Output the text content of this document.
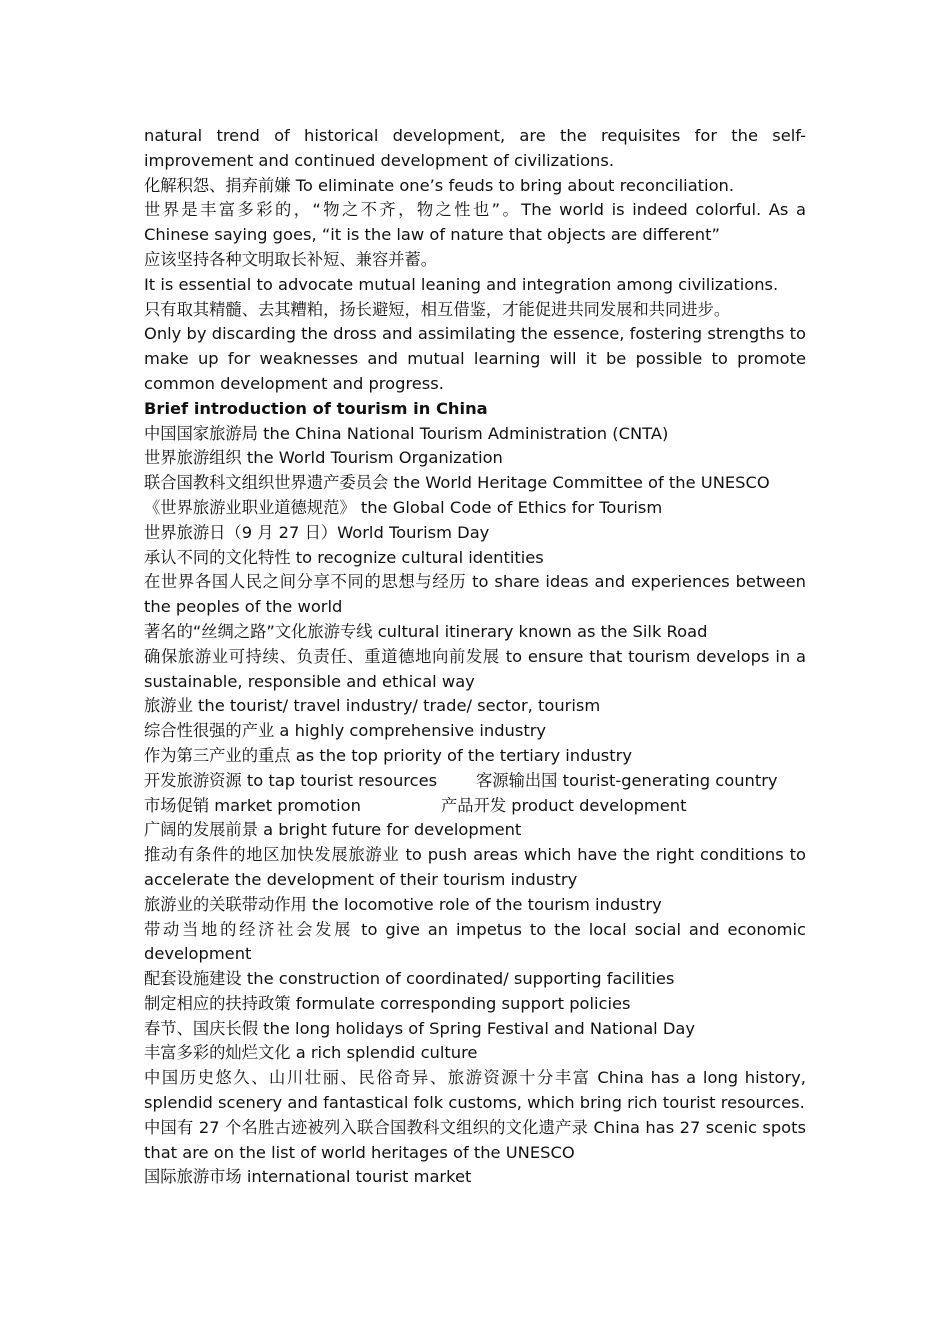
natural trend of historical development, are the requisites for the self-improvement and continued development of civilizations.

化解积怨、捐弃前嫌 To eliminate one’s feuds to bring about reconciliation.

世界是丰富多彩的，“物之不齐，物之性也”。The world is indeed colorful. As a Chinese saying goes, “it is the law of nature that objects are different”

应该坚持各种文明取长补短、兼容并蓄。

It is essential to advocate mutual leaning and integration among civilizations.

只有取其精髓、去其糟粕，扬长避短，相互借鉴，才能促进共同发展和共同进步。

Only by discarding the dross and assimilating the essence, fostering strengths to make up for weaknesses and mutual learning will it be possible to promote common development and progress.

Brief introduction of tourism in China

中国国家旅游局 the China National Tourism Administration (CNTA)

世界旅游组织 the World Tourism Organization

联合国教科文组织世界遗产委员会 the World Heritage Committee of the UNESCO

《世界旅游业职业道德规范》 the Global Code of Ethics for Tourism

世界旅游日（9 月 27 日）World Tourism Day

承认不同的文化特性 to recognize cultural identities

在世界各国人民之间分享不同的思想与经历 to share ideas and experiences between the peoples of the world

著名的“丝绸之路”文化旅游专线 cultural itinerary known as the Silk Road

确保旅游业可持续、负责任、重道德地向前发展 to ensure that tourism develops in a sustainable, responsible and ethical way

旅游业 the tourist/ travel industry/ trade/ sector, tourism

综合性很强的产业 a highly comprehensive industry

作为第三产业的重点 as the top priority of the tertiary industry

开发旅游资源 to tap tourist resources	客源输出国 tourist-generating country
市场促销 market promotion	产品开发 product development

广阔的发展前景 a bright future for development

推动有条件的地区加快发展旅游业 to push areas which have the right conditions to accelerate the development of their tourism industry

旅游业的关联带动作用 the locomotive role of the tourism industry

带动当地的经济社会发展 to give an impetus to the local social and economic development

配套设施建设 the construction of coordinated/ supporting facilities

制定相应的扶持政策 formulate corresponding support policies

春节、国庆长假 the long holidays of Spring Festival and National Day

丰富多彩的灿烂文化 a rich splendid culture

中国历史悠久、山川壮丽、民俗奇异、旅游资源十分丰富 China has a long history, splendid scenery and fantastical folk customs, which bring rich tourist resources.

中国有 27 个名胜古迹被列入联合国教科文组织的文化遗产录 China has 27 scenic spots that are on the list of world heritages of the UNESCO

国际旅游市场 international tourist market
